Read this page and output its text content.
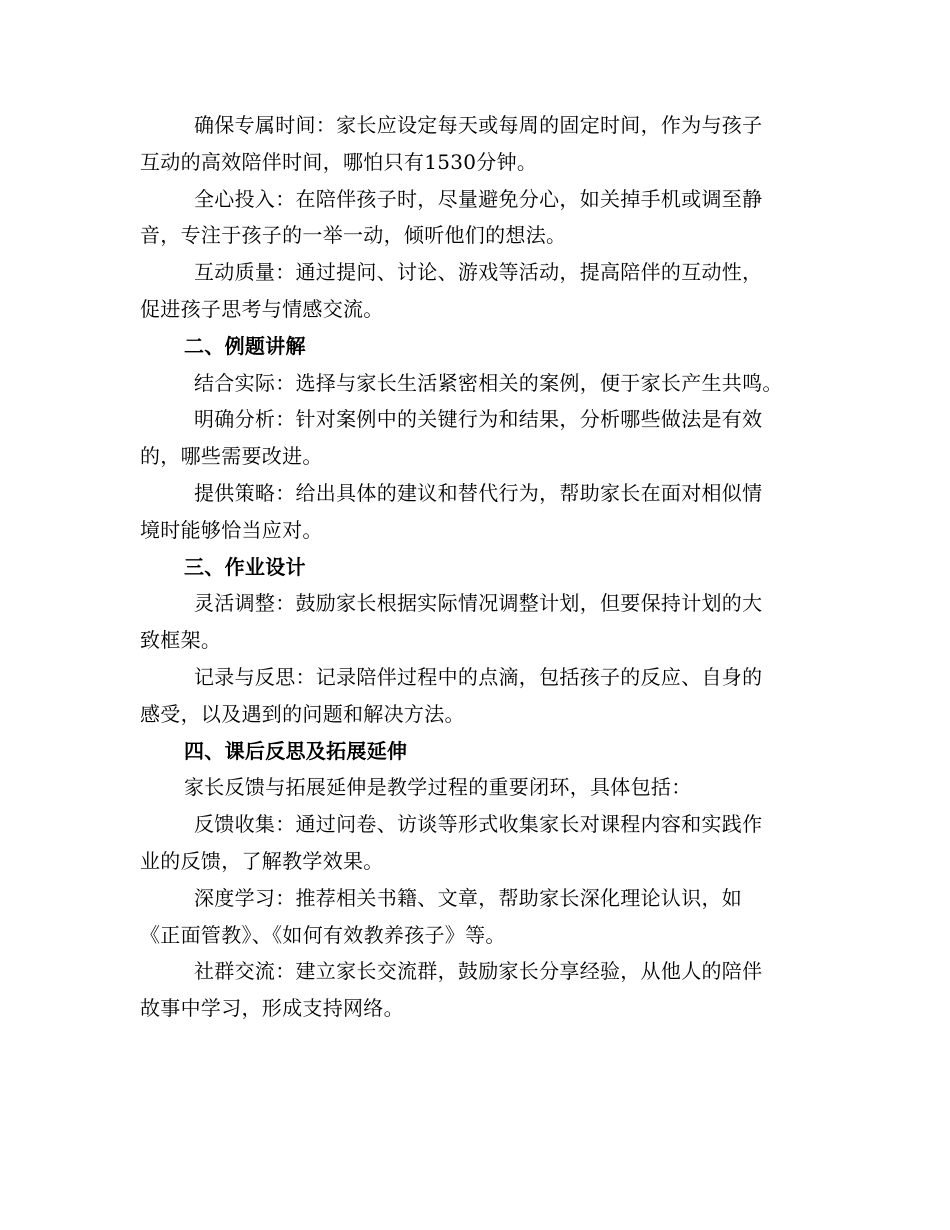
确保专属时间：家长应设定每天或每周的固定时间，作为与孩子
互动的高效陪伴时间，哪怕只有1530分钟。
全心投入：在陪伴孩子时，尽量避免分心，如关掉手机或调至静
音，专注于孩子的一举一动，倾听他们的想法。
互动质量：通过提问、讨论、游戏等活动，提高陪伴的互动性，
促进孩子思考与情感交流。
二、例题讲解
结合实际：选择与家长生活紧密相关的案例，便于家长产生共鸣。
明确分析：针对案例中的关键行为和结果，分析哪些做法是有效
的，哪些需要改进。
提供策略：给出具体的建议和替代行为，帮助家长在面对相似情
境时能够恰当应对。
三、作业设计
灵活调整：鼓励家长根据实际情况调整计划，但要保持计划的大
致框架。
记录与反思：记录陪伴过程中的点滴，包括孩子的反应、自身的
感受，以及遇到的问题和解决方法。
四、课后反思及拓展延伸
家长反馈与拓展延伸是教学过程的重要闭环，具体包括：
反馈收集：通过问卷、访谈等形式收集家长对课程内容和实践作
业的反馈，了解教学效果。
深度学习：推荐相关书籍、文章，帮助家长深化理论认识，如
《正面管教》、《如何有效教养孩子》等。
社群交流：建立家长交流群，鼓励家长分享经验，从他人的陪伴
故事中学习，形成支持网络。
